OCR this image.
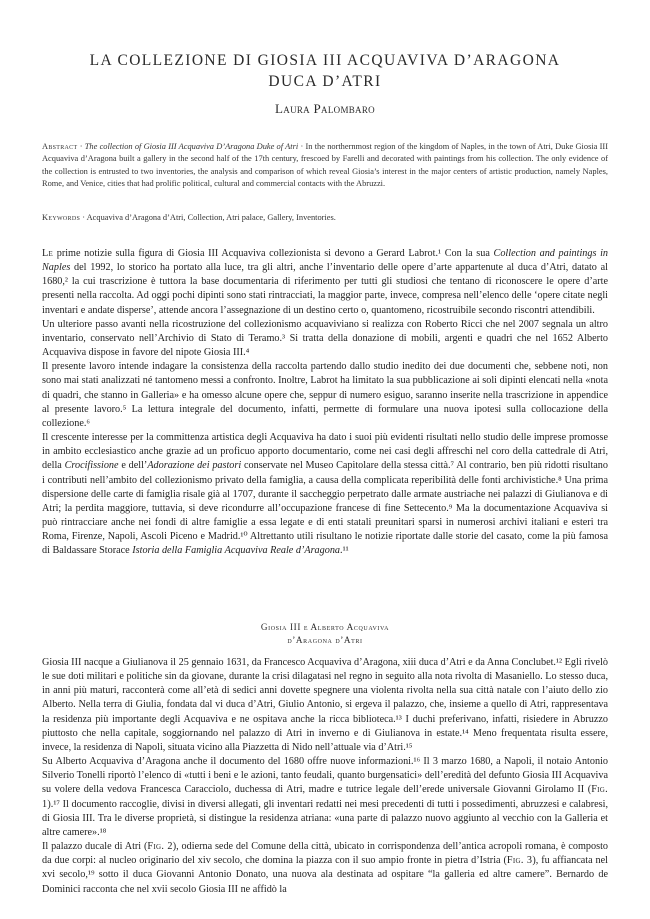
LA COLLEZIONE DI GIOSIA III ACQUAVIVA D’ARAGONA
DUCA D’ATRI
Laura Palombaro
Abstract · The collection of Giosia III Acquaviva D’Aragona Duke of Atri · In the northernmost region of the kingdom of Naples, in the town of Atri, Duke Giosia III Acquaviva d’Aragona built a gallery in the second half of the 17th century, frescoed by Farelli and decorated with paintings from his collection. The only evidence of the collection is entrusted to two inventories, the analysis and comparison of which reveal Giosia’s interest in the major centers of artistic production, namely Naples, Rome, and Venice, cities that had prolific political, cultural and commercial contacts with the Abruzzi.
Keywords · Acquaviva d’Aragona d’Atri, Collection, Atri palace, Gallery, Inventories.

Le prime notizie sulla figura di Giosia III Acquaviva collezionista si devono a Gerard Labrot.¹ Con la sua Collection and paintings in Naples del 1992, lo storico ha portato alla luce, tra gli altri, anche l’inventario delle opere d’arte appartenute al duca d’Atri, datato al 1680,² la cui trascrizione è tuttora la base documentaria di riferimento per tutti gli studiosi che tentano di riconoscere le opere d’arte presenti nella raccolta. Ad oggi pochi dipinti sono stati rintracciati, la maggior parte, invece, compresa nell’elenco delle ‘opere citate negli inventari e andate disperse’, attende ancora l’assegnazione di un destino certo o, quantomeno, ricostruibile secondo riscontri attendibili.

Un ulteriore passo avanti nella ricostruzione del collezionismo acquaviviano si realizza con Roberto Ricci che nel 2007 segnala un altro inventario, conservato nell’Archivio di Stato di Teramo.³ Si tratta della donazione di mobili, argenti e quadri che nel 1652 Alberto Acquaviva dispose in favore del nipote Giosia III.⁴

Il presente lavoro intende indagare la consistenza della raccolta partendo dallo studio inedito dei due documenti che, sebbene noti, non sono mai stati analizzati né tantomeno messi a confronto. Inoltre, Labrot ha limitato la sua pubblicazione ai soli dipinti elencati nella «nota di quadri, che stanno in Galleria» e ha omesso alcune opere che, seppur di numero esiguo, saranno inserite nella trascrizione in appendice al presente lavoro.⁵ La lettura integrale del documento, infatti, permette di formulare una nuova ipotesi sulla collocazione della collezione.⁶

Il crescente interesse per la committenza artistica degli Acquaviva ha dato i suoi più evidenti risultati nello studio delle imprese promosse in ambito ecclesiastico anche grazie ad un proficuo apporto documentario, come nei casi degli affreschi nel coro della cattedrale di Atri, della Crocifissione e dell’Adorazione dei pastori conservate nel Museo Capitolare della stessa città.⁷ Al contrario, ben più ridotti risultano i contributi nell’ambito del collezionismo privato della famiglia, a causa della complicata reperibilità delle fonti archivistiche.⁸ Una prima dispersione delle carte di famiglia risale già al 1707, durante il saccheggio perpetrato dalle armate austriache nei palazzi di Giulianova e di Atri; la perdita maggiore, tuttavia, si deve ricondurre all’occupazione francese di fine Settecento.⁹ Ma la documentazione Acquaviva si può rintracciare anche nei fondi di altre famiglie a essa legate e di enti statali preunitari sparsi in numerosi archivi italiani e esteri tra Roma, Firenze, Napoli, Ascoli Piceno e Madrid.¹⁰ Altrettanto utili risultano le notizie riportate dalle storie del casato, come la più famosa di Baldassare Storace Istoria della Famiglia Acquaviva Reale d’Aragona.¹¹

Giosia III e Alberto Acquaviva
d’Aragona d’Atri

Giosia III nacque a Giulianova il 25 gennaio 1631, da Francesco Acquaviva d’Aragona, xiii duca d’Atri e da Anna Conclubet.¹² Egli rivelò le sue doti militari e politiche sin da giovane, durante la crisi dilagatasi nel regno in seguito alla nota rivolta di Masaniello. Lo stesso duca, in anni più maturi, racconterà come all’età di sedici anni dovette spegnere una violenta rivolta nella sua città natale con l’aiuto dello zio Alberto. Nella terra di Giulia, fondata dal vi duca d’Atri, Giulio Antonio, si ergeva il palazzo, che, insieme a quello di Atri, rappresentava la residenza più importante degli Acquaviva e ne ospitava anche la ricca biblioteca.¹³ I duchi preferivano, infatti, risiedere in Abruzzo piuttosto che nella capitale, soggiornando nel palazzo di Atri in inverno e di Giulianova in estate.¹⁴ Meno frequentata risulta essere, invece, la residenza di Napoli, situata vicino alla Piazzetta di Nido nell’attuale via d’Atri.¹⁵

Su Alberto Acquaviva d’Aragona anche il documento del 1680 offre nuove informazioni.¹⁶ Il 3 marzo 1680, a Napoli, il notaio Antonio Silverio Tonelli riportò l’elenco di «tutti i beni e le azioni, tanto feudali, quanto burgensatici» dell’eredità del defunto Giosia III Acquaviva su volere della vedova Francesca Caracciolo, duchessa di Atri, madre e tutrice legale dell’erede universale Giovanni Girolamo II (Fig. 1).¹⁷ Il documento raccoglie, divisi in diversi allegati, gli inventari redatti nei mesi precedenti di tutti i possedimenti, abruzzesi e calabresi, di Giosia III. Tra le diverse proprietà, si distingue la residenza atriana: «una parte di palazzo nuovo aggiunto al vecchio con la Galleria et altre camere».¹⁸

Il palazzo ducale di Atri (Fig. 2), odierna sede del Comune della città, ubicato in corrispondenza dell’antica acropoli romana, è composto da due corpi: al nucleo originario del xiv secolo, che domina la piazza con il suo ampio fronte in pietra d’Istria (Fig. 3), fu affiancata nel xvi secolo,¹⁹ sotto il duca Giovanni Antonio Donato, una nuova ala destinata ad ospitare “la galleria ed altre camere”. Bernardo de Dominici racconta che nel xvii secolo Giosia III ne affidò la
